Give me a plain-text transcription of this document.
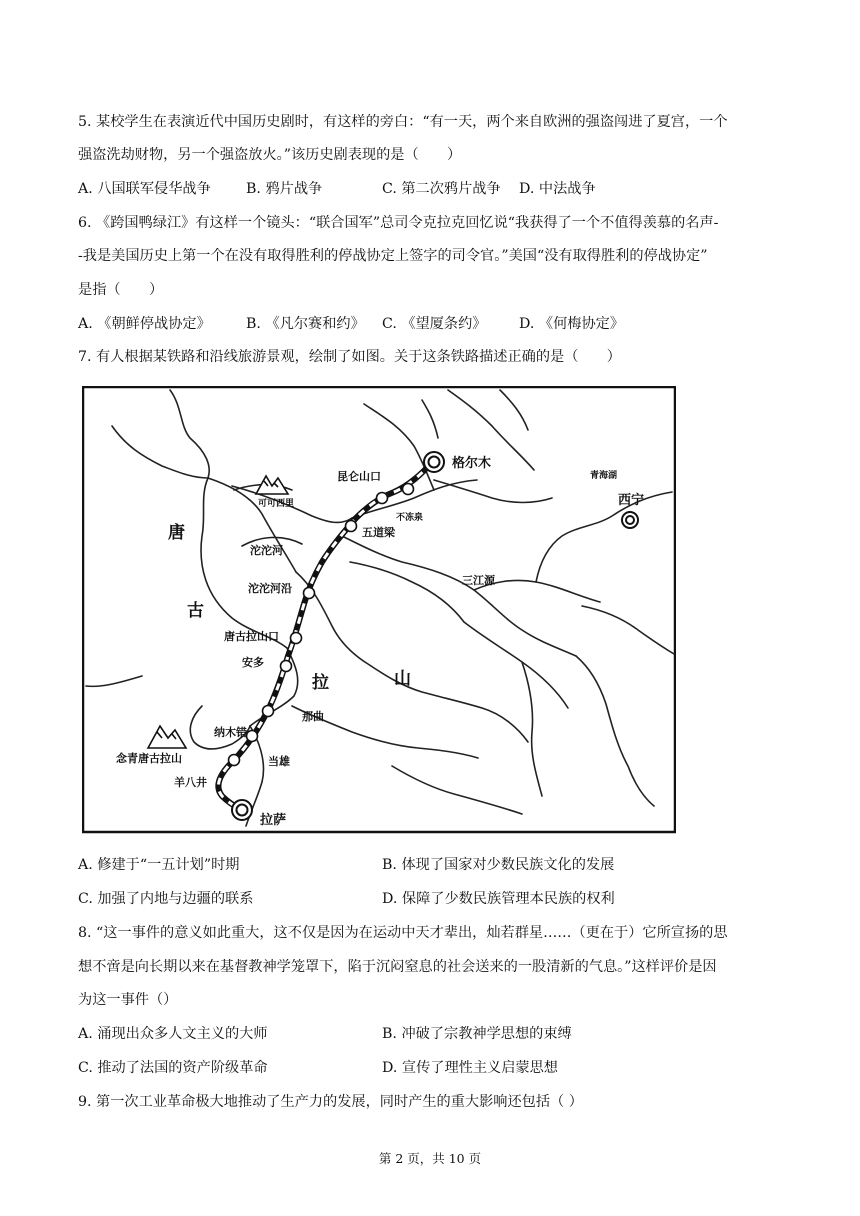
5. 某校学生在表演近代中国历史剧时，有这样的旁白：“有一天，两个来自欧洲的强盗闯进了夏宫，一个
强盗洗劫财物，另一个强盗放火。”该历史剧表现的是（　　）
A. 八国联军侵华战争 B. 鸦片战争	C. 第二次鸦片战争 D. 中法战争
6. 《跨国鸭绿江》有这样一个镜头：“联合国军”总司令克拉克回忆说“我获得了一个不值得羡慕的名声-
-我是美国历史上第一个在没有取得胜利的停战协定上签字的司令官。”美国“没有取得胜利的停战协定”
是指（　　）
A. 《朝鲜停战协定》 B. 《凡尔赛和约》 C. 《望厦条约》 D. 《何梅协定》
7. 有人根据某铁路和沿线旅游景观，绘制了如图。关于这条铁路描述正确的是（　　）
格尔木
青海湖
西宁
昆仑山口
可可西里
不冻泉
五道梁
沱沱河
沱沱河沿
三江源
唐古拉山口
安多
那曲
纳木错
当雄
念青唐古拉山
羊八井
拉萨
唐
古
拉	山
A. 修建于“一五计划”时期	B. 体现了国家对少数民族文化的发展
C. 加强了内地与边疆的联系	D. 保障了少数民族管理本民族的权利
8. “这一事件的意义如此重大，这不仅是因为在运动中天才辈出，灿若群星……（更在于）它所宣扬的思
想不啻是向长期以来在基督教神学笼罩下，陷于沉闷窒息的社会送来的一股清新的气息。”这样评价是因
为这一事件（）
A. 涌现出众多人文主义的大师	B. 冲破了宗教神学思想的束缚
C. 推动了法国的资产阶级革命	D. 宣传了理性主义启蒙思想
9. 第一次工业革命极大地推动了生产力的发展，同时产生的重大影响还包括（ ）
第 2 页，共 10 页
